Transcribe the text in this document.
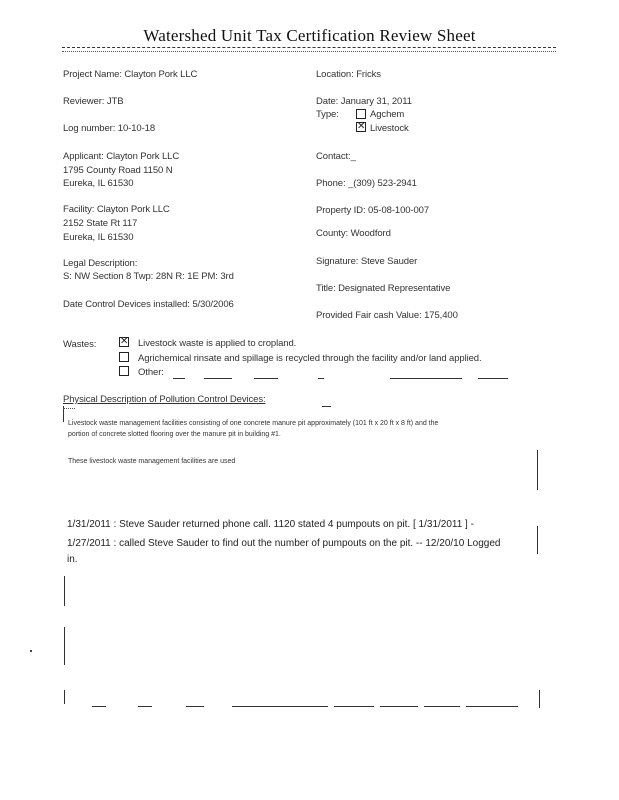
Watershed Unit Tax Certification Review Sheet
Project Name: Clayton Pork LLC
Reviewer: JTB
Log number: 10-10-18
Applicant: Clayton Pork LLC
1795 County Road 1150 N
Eureka, IL 61530
Facility: Clayton Pork LLC
2152 State Rt 117
Eureka, IL 61530
Legal Description:
S: NW Section 8 Twp: 28N R: 1E PM: 3rd
Date Control Devices installed: 5/30/2006
Location: Fricks
Date: January 31, 2011
Type:	Agchem
✕ Livestock
Contact:_
Phone: _(309) 523-2941
Property ID: 05-08-100-007
County: Woodford
Signature: Steve Sauder
Title: Designated Representative
Provided Fair cash Value: 175,400
Wastes: ✕ Livestock waste is applied to cropland.
Agrichemical rinsate and spillage is recycled through the facility and/or land applied.
Other:
Physical Description of Pollution Control Devices:
Livestock waste management facilities consisting of one concrete manure pit approximately (101 ft x 20 ft x 8 ft) and the
portion of concrete slotted flooring over the manure pit in building #1.
These livestock waste management facilities are used
1/31/2011 : Steve Sauder returned phone call. 1120 stated 4 pumpouts on pit. [ 1/31/2011 ] -
1/27/2011 : called Steve Sauder to find out the number of pumpouts on the pit. -- 12/20/10 Logged
in.
